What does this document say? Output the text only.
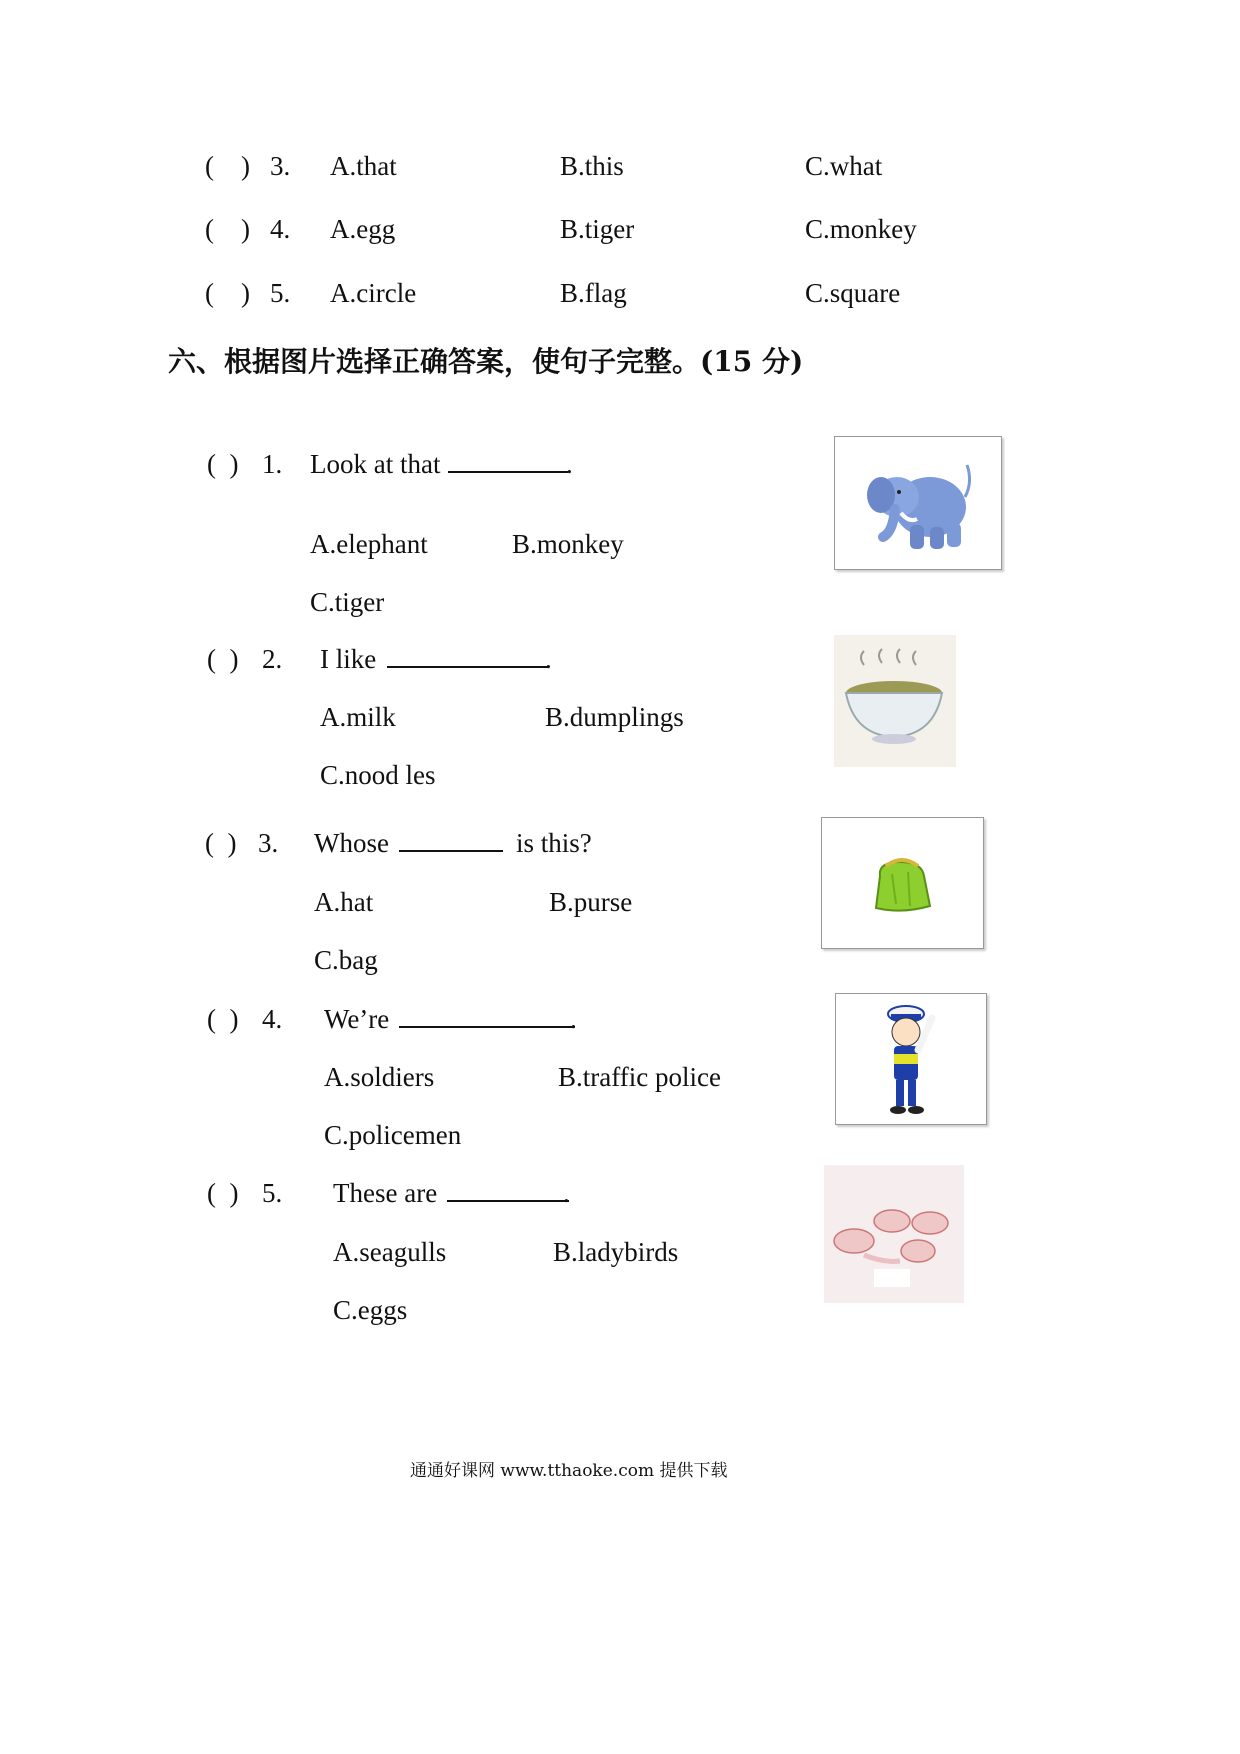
(    ) 3. A.that	B.this	C.what
(    ) 4. A.egg	B.tiger	C.monkey
(    ) 5. A.circle	B.flag	C.square
六、根据图片选择正确答案，使句子完整。(15 分)
(  ) 1. Look at that	.
A.elephant	B.monkey
C.tiger
(  ) 2. I like	.
A.milk	B.dumplings
C.nood les
(  ) 3. Whose	is this?
A.hat	B.purse
C.bag
(  ) 4. We’re	.
A.soldiers	B.traffic police
C.policemen
(  ) 5. These are	.
A.seagulls	B.ladybirds
C.eggs
通通好课网 www.tthaoke.com 提供下载
